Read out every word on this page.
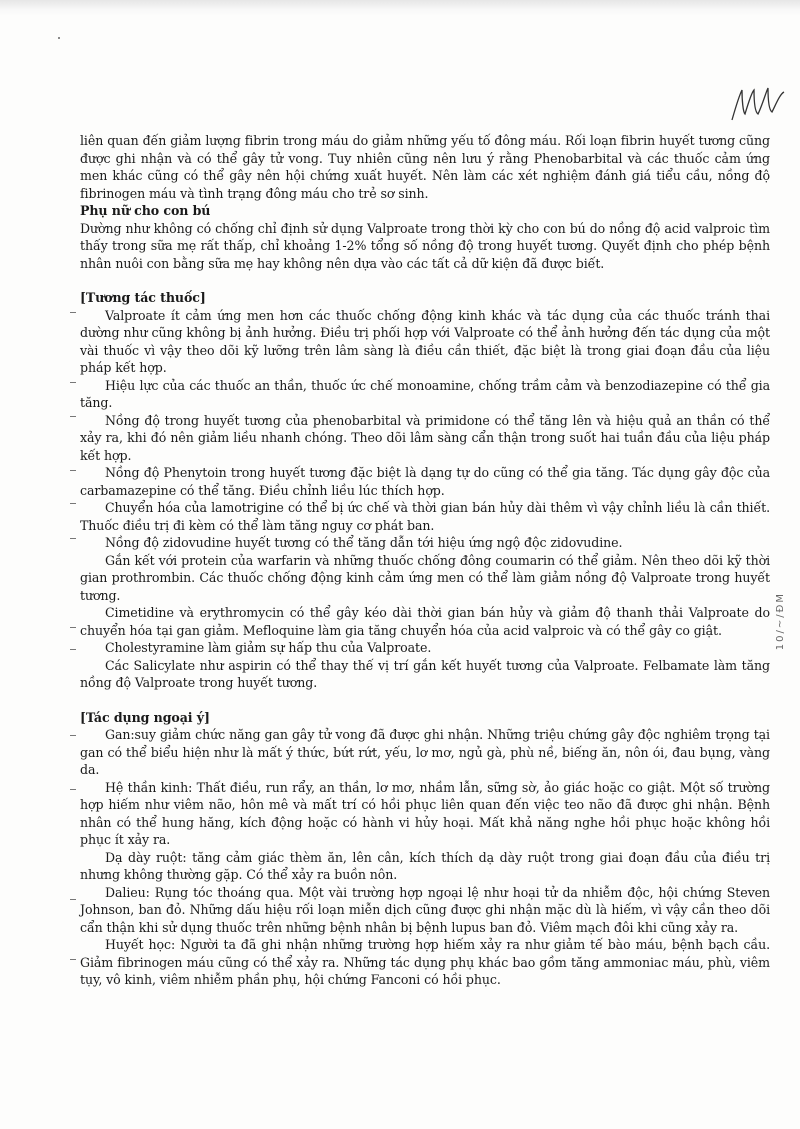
liên quan đến giảm lượng fibrin trong máu do giảm những yếu tố đông máu. Rối loạn fibrin huyết tương cũng được ghi nhận và có thể gây tử vong. Tuy nhiên cũng nên lưu ý rằng Phenobarbital và các thuốc cảm ứng men khác cũng có thể gây nên hội chứng xuất huyết. Nên làm các xét nghiệm đánh giá tiểu cầu, nồng độ fibrinogen máu và tình trạng đông máu cho trẻ sơ sinh.

Phụ nữ cho con bú

Dường như không có chống chỉ định sử dụng Valproate trong thời kỳ cho con bú do nồng độ acid valproic tìm thấy trong sữa mẹ rất thấp, chỉ khoảng 1-2% tổng số nồng độ trong huyết tương. Quyết định cho phép bệnh nhân nuôi con bằng sữa mẹ hay không nên dựa vào các tất cả dữ kiện đã được biết.

[Tương tác thuốc]

Valproate ít cảm ứng men hơn các thuốc chống động kinh khác và tác dụng của các thuốc tránh thai dường như cũng không bị ảnh hưởng. Điều trị phối hợp với Valproate có thể ảnh hưởng đến tác dụng của một vài thuốc vì vậy theo dõi kỹ lưỡng trên lâm sàng là điều cần thiết, đặc biệt là trong giai đoạn đầu của liệu pháp kết hợp.

Hiệu lực của các thuốc an thần, thuốc ức chế monoamine, chống trầm cảm và benzodiazepine có thể gia tăng.

Nồng độ trong huyết tương của phenobarbital và primidone có thể tăng lên và hiệu quả an thần có thể xảy ra, khi đó nên giảm liều nhanh chóng. Theo dõi lâm sàng cẩn thận trong suốt hai tuần đầu của liệu pháp kết hợp.

Nồng độ Phenytoin trong huyết tương đặc biệt là dạng tự do cũng có thể gia tăng. Tác dụng gây độc của carbamazepine có thể tăng. Điều chỉnh liều lúc thích hợp.

Chuyển hóa của lamotrigine có thể bị ức chế và thời gian bán hủy dài thêm vì vậy chỉnh liều là cần thiết. Thuốc điều trị đi kèm có thể làm tăng nguy cơ phát ban.

Nồng độ zidovudine huyết tương có thể tăng dẫn tới hiệu ứng ngộ độc zidovudine.

Gắn kết với protein của warfarin và những thuốc chống đông coumarin có thể giảm. Nên theo dõi kỹ thời gian prothrombin. Các thuốc chống động kinh cảm ứng men có thể làm giảm nồng độ Valproate trong huyết tương.

Cimetidine và erythromycin có thể gây kéo dài thời gian bán hủy và giảm độ thanh thải Valproate do chuyển hóa tại gan giảm. Mefloquine làm gia tăng chuyển hóa của acid valproic và có thể gây co giật.

Cholestyramine làm giảm sự hấp thu của Valproate.

Các Salicylate như aspirin có thể thay thế vị trí gắn kết huyết tương của Valproate. Felbamate làm tăng nồng độ Valproate trong huyết tương.

[Tác dụng ngoại ý]

Gan:suy giảm chức năng gan gây tử vong đã được ghi nhận. Những triệu chứng gây độc nghiêm trọng tại gan có thể biểu hiện như là mất ý thức, bứt rứt, yếu, lơ mơ, ngủ gà, phù nề, biếng ăn, nôn ói, đau bụng, vàng da.

Hệ thần kinh: Thất điều, run rẩy, an thần, lơ mơ, nhầm lẫn, sững sờ, ảo giác hoặc co giật. Một số trường hợp hiếm như viêm não, hôn mê và mất trí có hồi phục liên quan đến việc teo não đã được ghi nhận. Bệnh nhân có thể hung hăng, kích động hoặc có hành vi hủy hoại. Mất khả năng nghe hồi phục hoặc không hồi phục ít xảy ra.

Dạ dày ruột: tăng cảm giác thèm ăn, lên cân, kích thích dạ dày ruột trong giai đoạn đầu của điều trị nhưng không thường gặp. Có thể xảy ra buồn nôn.

Dalieu: Rụng tóc thoáng qua. Một vài trường hợp ngoại lệ như hoại tử da nhiễm độc, hội chứng Steven Johnson, ban đỏ. Những dấu hiệu rối loạn miễn dịch cũng được ghi nhận mặc dù là hiếm, vì vậy cần theo dõi cẩn thận khi sử dụng thuốc trên những bệnh nhân bị bệnh lupus ban đỏ. Viêm mạch đôi khi cũng xảy ra.

Huyết học: Người ta đã ghi nhận những trường hợp hiếm xảy ra như giảm tế bào máu, bệnh bạch cầu. Giảm fibrinogen máu cũng có thể xảy ra. Những tác dụng phụ khác bao gồm tăng ammoniac máu, phù, viêm tụy, vô kinh, viêm nhiễm phần phụ, hội chứng Fanconi có hồi phục.

10/~/ĐM
